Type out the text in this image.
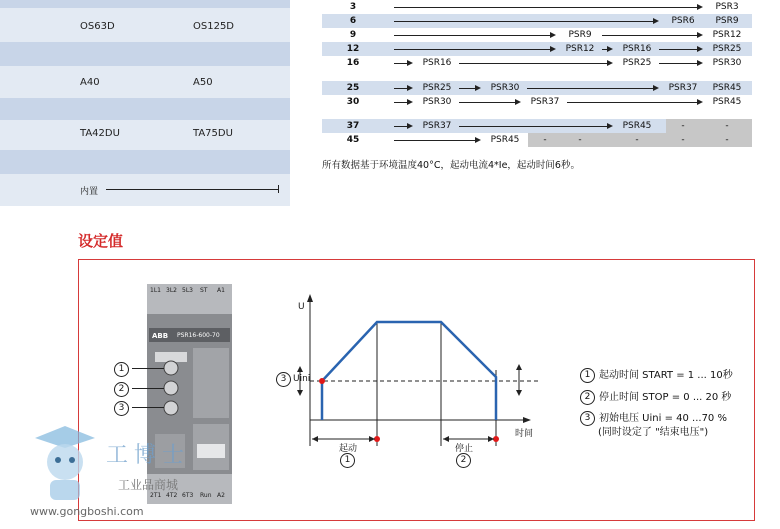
OS63D	OS125D
A40	A50
TA42DU	TA75DU
内置
3	PSR3
6	PSR6	PSR9
9	PSR9	PSR12
12	PSR12	PSR16	PSR25
16	PSR16	PSR25	PSR30
25	PSR25	PSR30	PSR37	PSR45
30	PSR30	PSR37	PSR45
37	PSR37	PSR45	-	-
45	PSR45	-	-	-	-	-
所有数据基于环境温度40°C，起动电流4*Ie，起动时间6秒。
设定值
1L1 3L2 5L3 ST A1
ABB PSR16-600-70
2T1 4T2 6T3 Run A2
1
2
3
U
时间
3 Uini
起动
1
停止
2
1 起动时间 START = 1 ... 10秒
2 停止时间 STOP = 0 ... 20 秒
3 初始电压 Uini = 40 ...70 %
(同时设定了 "结束电压")
工博士
工业品商城
www.gongboshi.com
